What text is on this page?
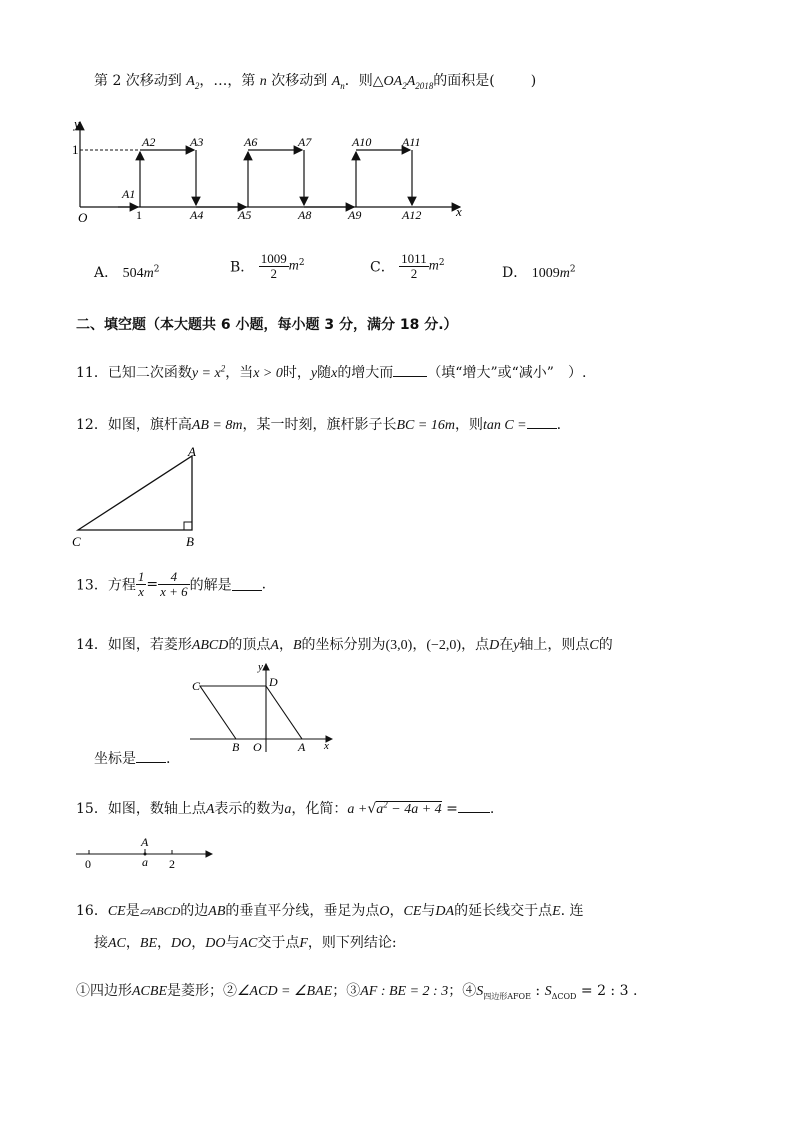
第 2 次移动到 $A_2$，…，第 n 次移动到 $A_n$．则$\triangle OA_2A_{2018}$的面积是(	)
y
x
O
1
A1
1
A2	A3
A4	A5
A6	A7
A8	A9
A10	A11
A12
A． $504m^2$	B． $\frac{1009}{2} m^2$	C． $\frac{1011}{2} m^2$
D． $1009m^2$
二、填空题（本大题共 6 小题，每小题 3 分，满分 18 分.）
11．已知二次函数$y = x^2$，当x > 0时，y随x的增大而 （填“增大”或“减小”　）.
12．如图，旗杆高AB = 8m，某一时刻，旗杆影子长BC = 16m，则tan C = .
A
B
C
13．方程 $\frac{1}{x} = \frac{4}{x + 6}$ 的解是 .
14．如图，若菱形ABCD的顶点A，B的坐标分别为(3,0)，(−2,0)，点D在y轴上，则点C的
C	D
y
B O	A x
坐标是 .
15．如图，数轴上点A表示的数为a，化简：$a +√a^2 - 4a + 4$ = .
0
A
a 2
16．CE是▱ABCD的边AB的垂直平分线，垂足为点O，CE与DA的延长线交于点E. 连
接AC，BE，DO，DO与AC交于点F，则下列结论:
①四边形ACBE是菱形；②∠ACD = ∠BAE；③AF : BE = 2 : 3；$④S_{四边形AFOE}$ : $S_{\Delta COD} = 2$ : 3 .
